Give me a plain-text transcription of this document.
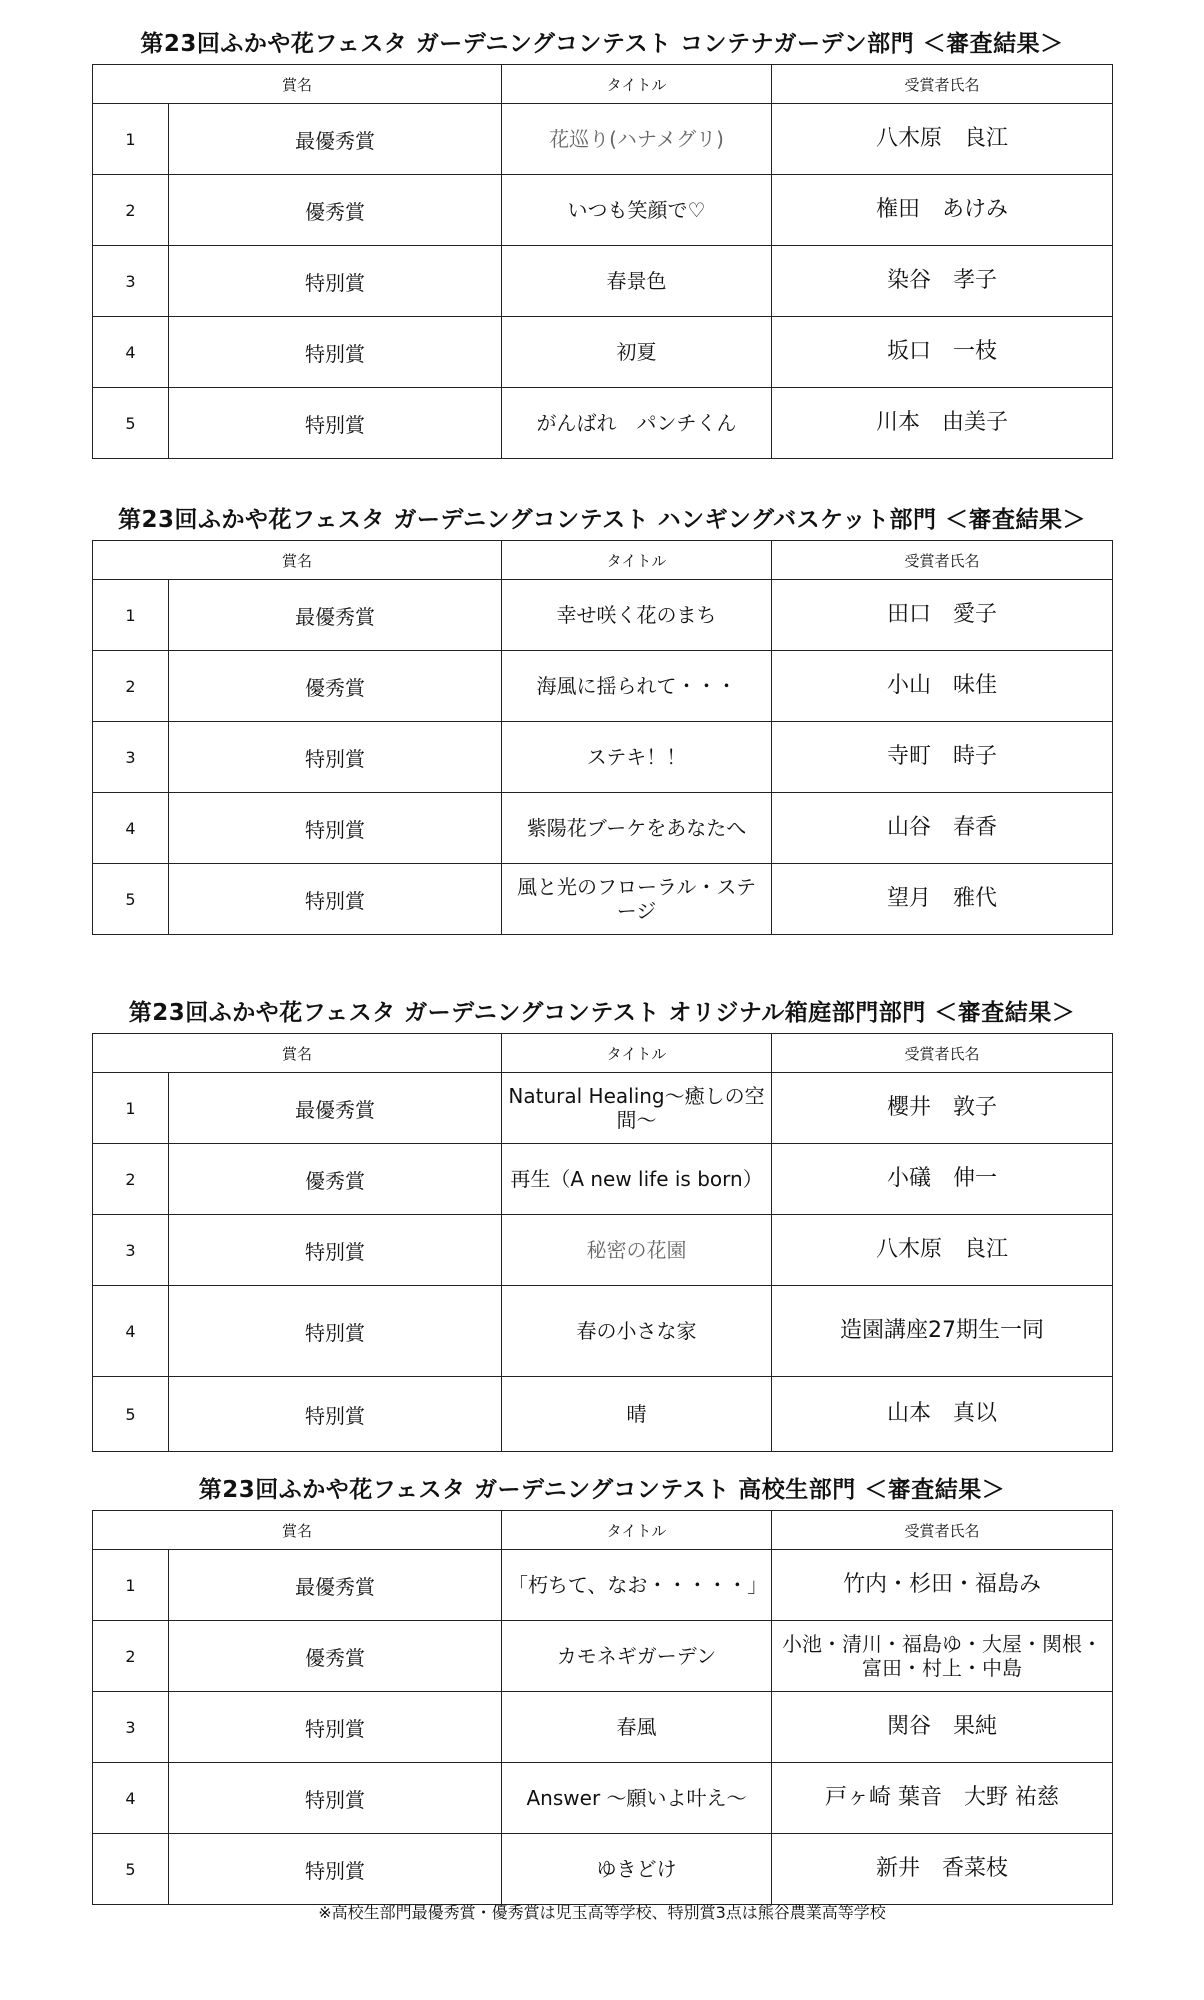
第23回ふかや花フェスタ ガーデニングコンテスト コンテナガーデン部門 ＜審査結果＞
賞名		タイトル	受賞者氏名
1	最優秀賞	花巡り(ハナメグリ)	八木原　良江
2	優秀賞	いつも笑顔で♡	権田　あけみ
3	特別賞	春景色	染谷　孝子
4	特別賞	初夏	坂口　一枝
5	特別賞	がんばれ　パンチくん	川本　由美子
第23回ふかや花フェスタ ガーデニングコンテスト ハンギングバスケット部門 ＜審査結果＞
賞名		タイトル	受賞者氏名
1	最優秀賞	幸せ咲く花のまち	田口　愛子
2	優秀賞	海風に揺られて・・・	小山　味佳
3	特別賞	ステキ！！	寺町　時子
4	特別賞	紫陽花ブーケをあなたへ	山谷　春香
5	特別賞	風と光のフローラル・ステージ	望月　雅代
第23回ふかや花フェスタ ガーデニングコンテスト オリジナル箱庭部門部門 ＜審査結果＞
賞名		タイトル	受賞者氏名
1	最優秀賞	Natural Healing～癒しの空間～	櫻井　敦子
2	優秀賞	再生（A new life is born）	小礒　伸一
3	特別賞	秘密の花園	八木原　良江
4	特別賞	春の小さな家	造園講座27期生一同
5	特別賞	晴	山本　真以
第23回ふかや花フェスタ ガーデニングコンテスト 高校生部門 ＜審査結果＞
賞名		タイトル	受賞者氏名
1	最優秀賞	「朽ちて、なお・・・・・」	竹内・杉田・福島み
2	優秀賞	カモネギガーデン	小池・清川・福島ゆ・大屋・関根・富田・村上・中島
3	特別賞	春風	関谷　果純
4	特別賞	Answer ～願いよ叶え～	戸ヶ崎 葉音　大野 祐慈
5	特別賞	ゆきどけ	新井　香菜枝
※高校生部門最優秀賞・優秀賞は児玉高等学校、特別賞3点は熊谷農業高等学校
